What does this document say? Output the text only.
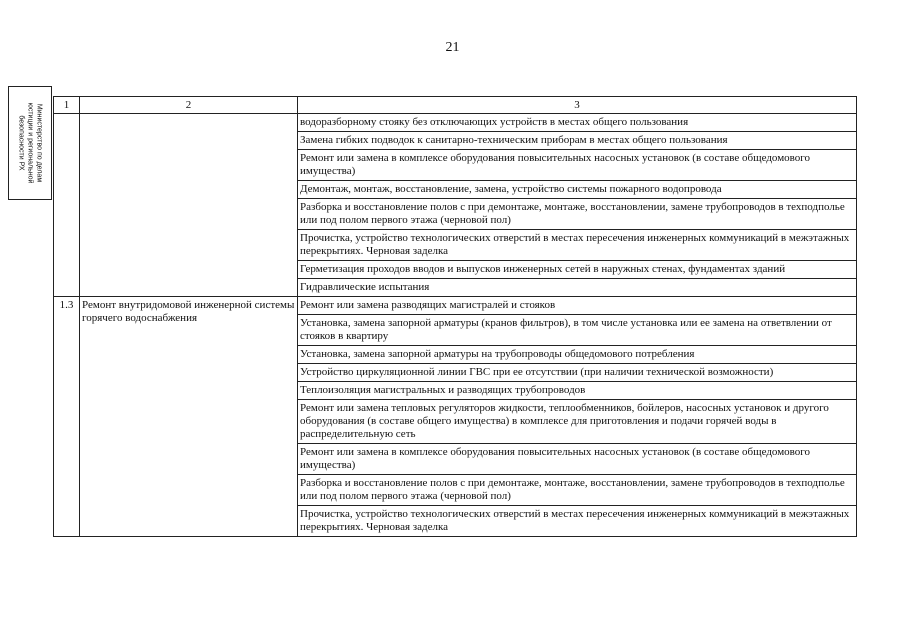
21
Министерство по делам
юстиции и региональной
безопасности РХ
1	2	3
		водоразборному стояку без отключающих устройств в местах общего пользования
		Замена гибких подводок к санитарно-техническим приборам в местах общего пользования
		Ремонт или замена в комплексе оборудования повысительных насосных установок (в составе общедомового имущества)
		Демонтаж, монтаж, восстановление, замена, устройство системы пожарного водопровода
		Разборка и восстановление полов с при демонтаже, монтаже, восстановлении, замене трубопроводов в техподполье или под полом первого этажа (черновой пол)
		Прочистка, устройство технологических отверстий в местах пересечения инженерных коммуникаций в межэтажных перекрытиях. Черновая заделка
		Герметизация проходов вводов и выпусков инженерных сетей в наружных стенах, фундаментах зданий
		Гидравлические испытания
1.3	Ремонт внутридомовой инженерной системы горячего водоснабжения	Ремонт или замена разводящих магистралей и стояков
		Установка, замена запорной арматуры (кранов фильтров), в том числе установка или ее замена на ответвлении от стояков в квартиру
		Установка, замена запорной арматуры на трубопроводы общедомового потребления
		Устройство циркуляционной линии ГВС при ее отсутствии (при наличии технической возможности)
		Теплоизоляция магистральных и разводящих трубопроводов
		Ремонт или замена тепловых регуляторов жидкости, теплообменников, бойлеров, насосных установок и другого оборудования (в составе общего имущества) в комплексе для приготовления и подачи горячей воды в распределительную сеть
		Ремонт или замена в комплексе оборудования повысительных насосных установок (в составе общедомового имущества)
		Разборка и восстановление полов с при демонтаже, монтаже, восстановлении, замене трубопроводов в техподполье или под полом первого этажа (черновой пол)
		Прочистка, устройство технологических отверстий в местах пересечения инженерных коммуникаций в межэтажных перекрытиях. Черновая заделка
